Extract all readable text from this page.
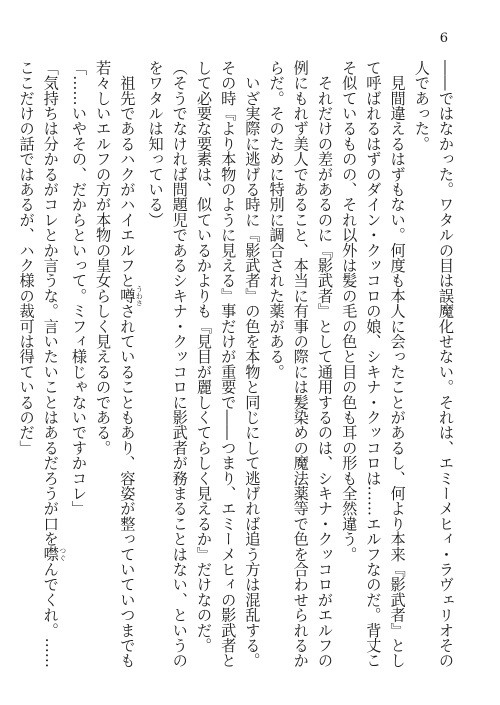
6

――ではなかった。ワタルの目は誤魔化せない。それは、エミーメヒィ・ラヴェリオその人であった。

　見間違えるはずもない。何度も本人に会ったことがあるし、何より本来『影武者』として呼ばれるはずのダイン・クッコロの娘、シキナ・クッコロは……エルフなのだ。背丈こそ似ているものの、それ以外は髪の毛の色と目の色も耳の形も全然違う。

　それだけの差があるのに『影武者』として通用するのは、シキナ・クッコロがエルフの例にもれず美人であること、本当に有事の際には髪染めの魔法薬等で色を合わせられるからだ。そのために特別に調合された薬がある。

　いざ実際に逃げる時に『影武者』の色を本物と同じにして逃げれば追う方は混乱する。その時『より本物のように見える』事だけが重要で――つまり、エミーメヒィの影武者として必要な要素は、似ているかよりも『見目が麗しくてらしく見えるか』だけなのだ。

（そうでなければ問題児であるシキナ・クッコロに影武者が務まることはない、というのをワタルは知っている）

　祖先であるハクがハイエルフと噂 うわさされていることもあり、容姿が整っていていつまでも若々しいエルフの方が本物の皇女らしく見えるのである。

「……いやその、だからといって。ミフィ様じゃないですかコレ」

「気持ちは分かるがコレとか言うな。言いたいことはあるだろうが口を噤 つぐんでくれ。……ここだけの話ではあるが、ハク様の裁可は得ているのだ」
